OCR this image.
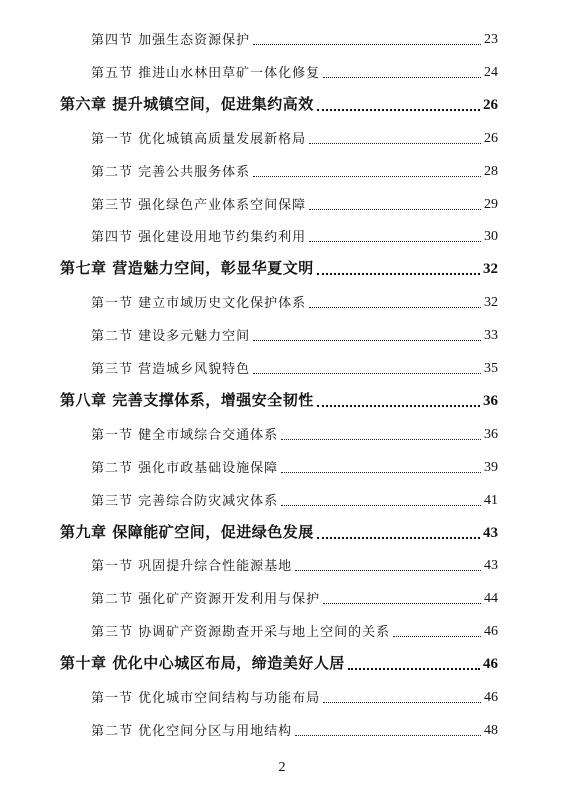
第四节 加强生态资源保护	23
第五节 推进山水林田草矿一体化修复	24
第六章 提升城镇空间，促进集约高效	26
第一节 优化城镇高质量发展新格局	26
第二节 完善公共服务体系	28
第三节 强化绿色产业体系空间保障	29
第四节 强化建设用地节约集约利用	30
第七章 营造魅力空间，彰显华夏文明	32
第一节 建立市域历史文化保护体系	32
第二节 建设多元魅力空间	33
第三节 营造城乡风貌特色	35
第八章 完善支撑体系，增强安全韧性	36
第一节 健全市域综合交通体系	36
第二节 强化市政基础设施保障	39
第三节 完善综合防灾减灾体系	41
第九章 保障能矿空间，促进绿色发展	43
第一节 巩固提升综合性能源基地	43
第二节 强化矿产资源开发利用与保护	44
第三节 协调矿产资源勘查开采与地上空间的关系	46
第十章 优化中心城区布局，缔造美好人居	46
第一节 优化城市空间结构与功能布局	46
第二节 优化空间分区与用地结构	48
2
